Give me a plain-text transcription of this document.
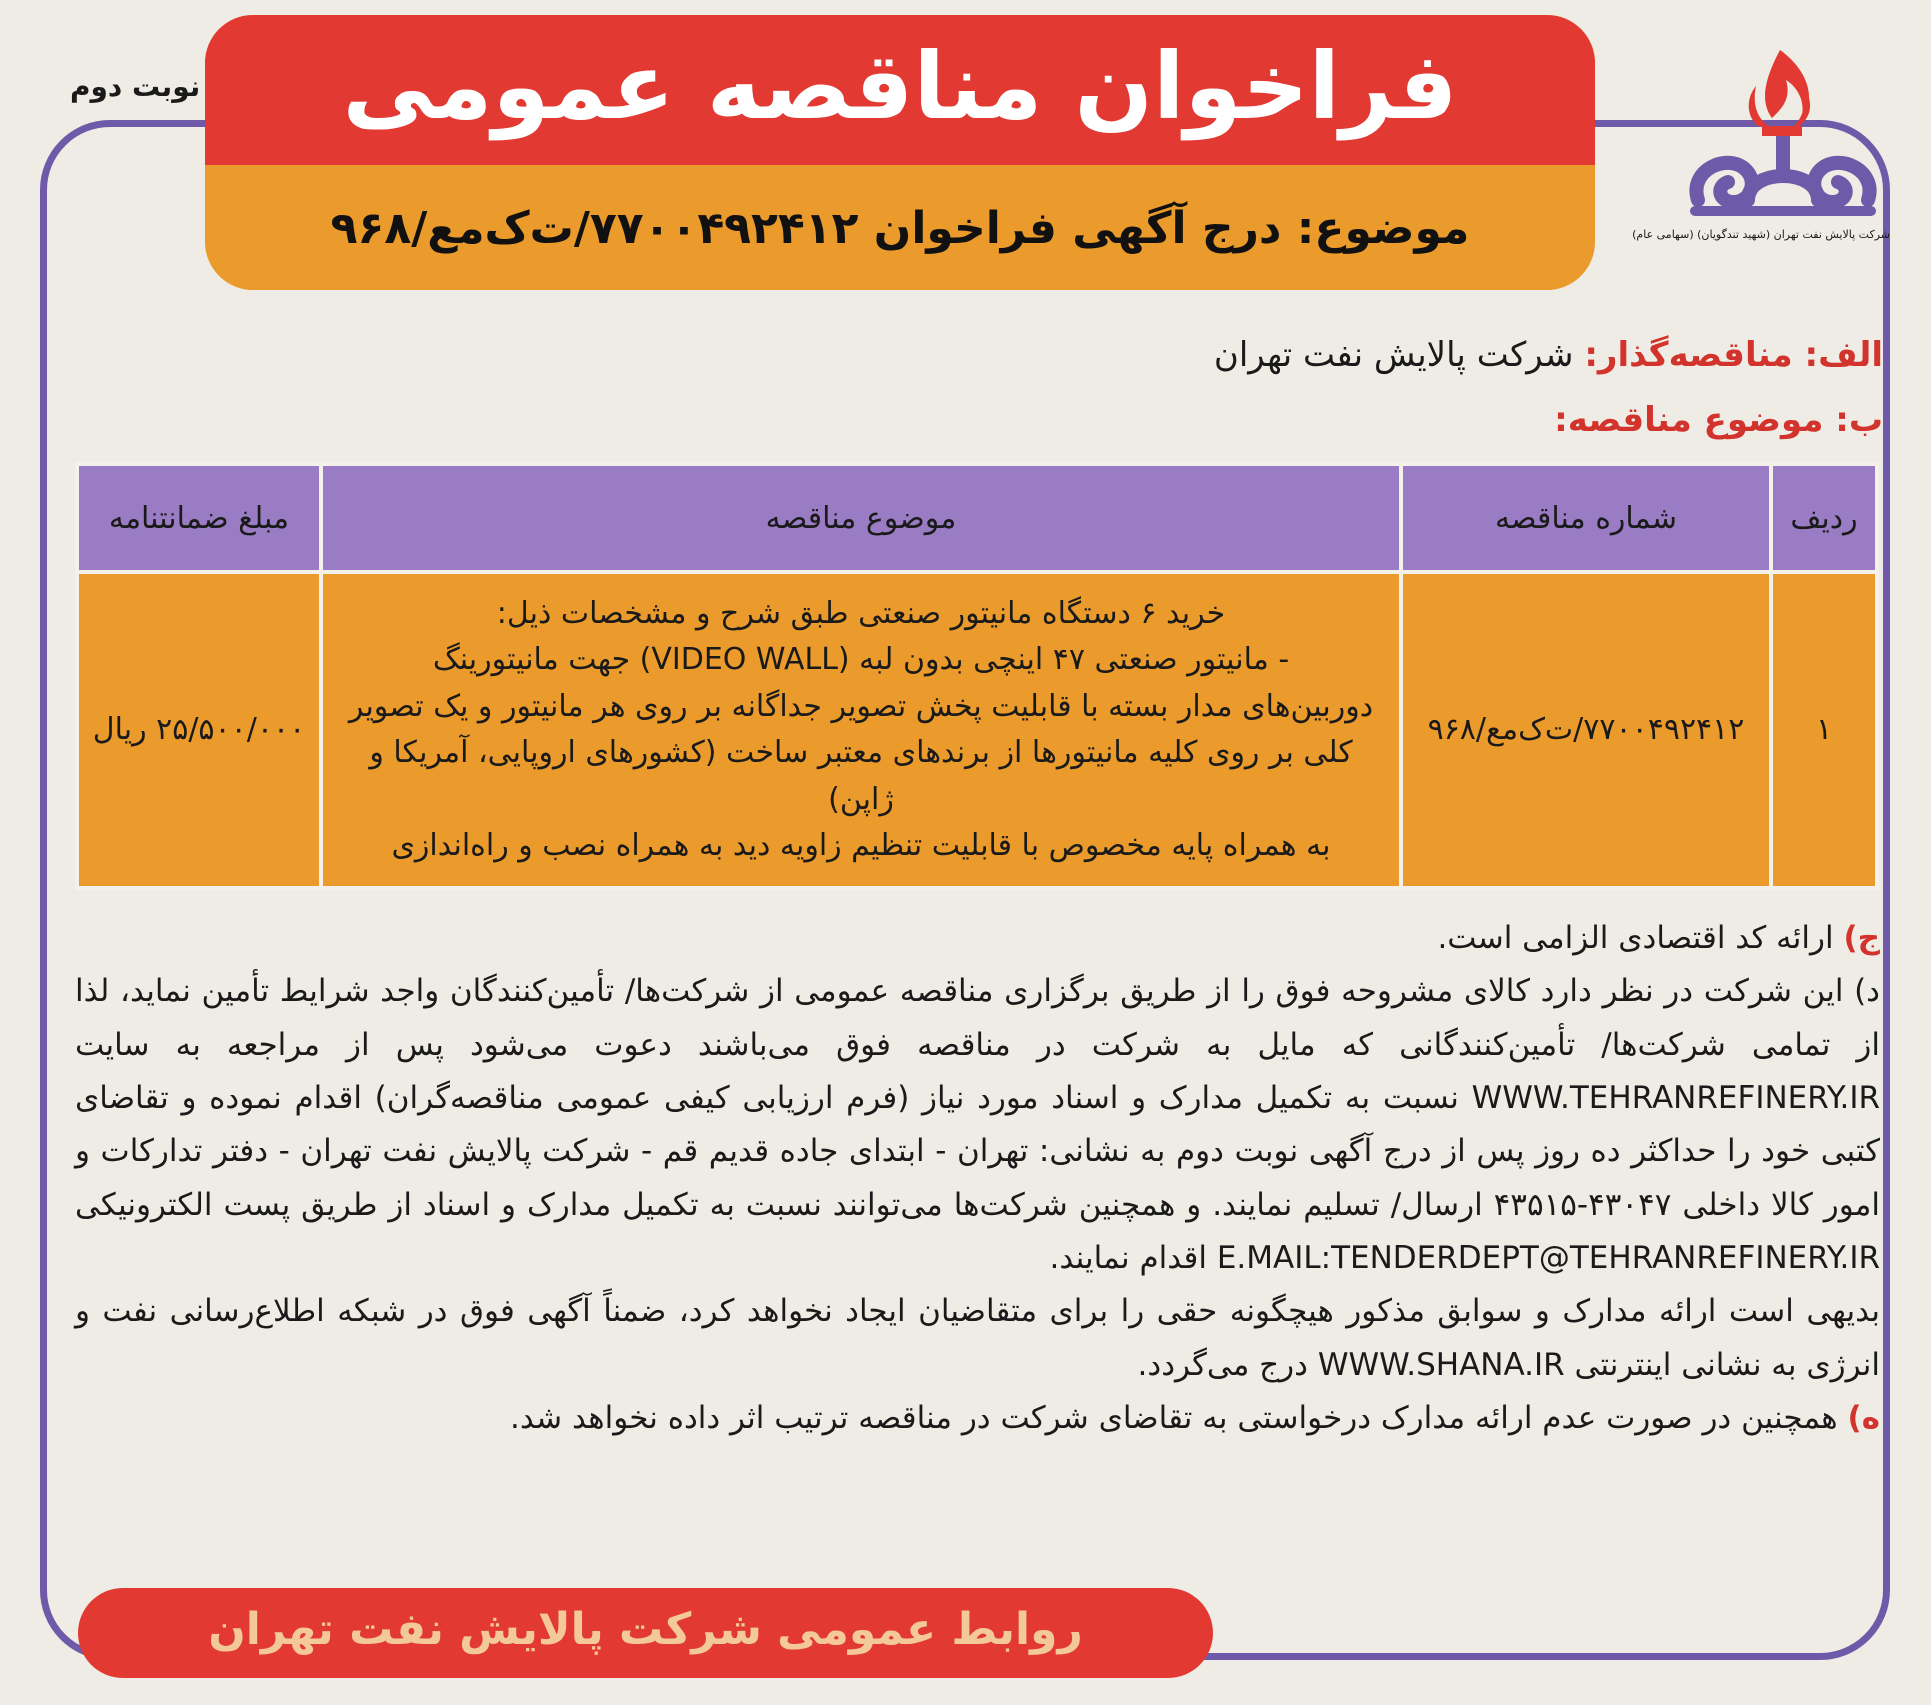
نوبت دوم	فراخوان مناقصه عمومی
موضوع: درج آگهی فراخوان ۷۷۰۰۴۹۲۴۱۲/ت‌ک‌مع/۹۶۸	شرکت پالایش نفت تهران (شهید تندگویان) (سهامی عام)
الف: مناقصه‌گذار: شرکت پالایش نفت تهران
ب: موضوع مناقصه:
ردیف	شماره مناقصه	موضوع مناقصه	مبلغ ضمانتنامه
۱	۷۷۰۰۴۹۲۴۱۲/ت‌ک‌مع/۹۶۸	خرید ۶ دستگاه مانیتور صنعتی طبق شرح و مشخصات ذیل:
- مانیتور صنعتی ۴۷ اینچی بدون لبه (VIDEO WALL) جهت مانیتورینگ
دوربین‌های مدار بسته با قابلیت پخش تصویر جداگانه بر روی هر مانیتور و یک تصویر
کلی بر روی کلیه مانیتورها از برندهای معتبر ساخت (کشورهای اروپایی، آمریکا و ژاپن)
به همراه پایه مخصوص با قابلیت تنظیم زاویه دید به همراه نصب و راه‌اندازی	۲۵/۵۰۰/۰۰۰ ریال

ج) ارائه کد اقتصادی الزامی است.

د) این شرکت در نظر دارد کالای مشروحه فوق را از طریق برگزاری مناقصه عمومی از شرکت‌ها/ تأمین‌کنندگان واجد شرایط تأمین نماید، لذا از تمامی شرکت‌ها/ تأمین‌کنندگانی که مایل به شرکت در مناقصه فوق می‌باشند دعوت می‌شود پس از مراجعه به سایت WWW.TEHRANREFINERY.IR نسبت به تکمیل مدارک و اسناد مورد نیاز (فرم ارزیابی کیفی عمومی مناقصه‌گران) اقدام نموده و تقاضای کتبی خود را حداکثر ده روز پس از درج آگهی نوبت دوم به نشانی: تهران - ابتدای جاده قدیم قم - شرکت پالایش نفت تهران - دفتر تدارکات و امور کالا داخلی ۴۳۰۴۷-۴۳۵۱۵ ارسال/ تسلیم نمایند. و همچنین شرکت‌ها می‌توانند نسبت به تکمیل مدارک و اسناد از طریق پست الکترونیکی E.MAIL:TENDERDEPT@TEHRANREFINERY.IR اقدام نمایند.

بدیهی است ارائه مدارک و سوابق مذکور هیچگونه حقی را برای متقاضیان ایجاد نخواهد کرد، ضمناً آگهی فوق در شبکه اطلاع‌رسانی نفت و انرژی به نشانی اینترنتی WWW.SHANA.IR درج می‌گردد.

ه) همچنین در صورت عدم ارائه مدارک درخواستی به تقاضای شرکت در مناقصه ترتیب اثر داده نخواهد شد.

روابط عمومی شرکت پالایش نفت تهران
